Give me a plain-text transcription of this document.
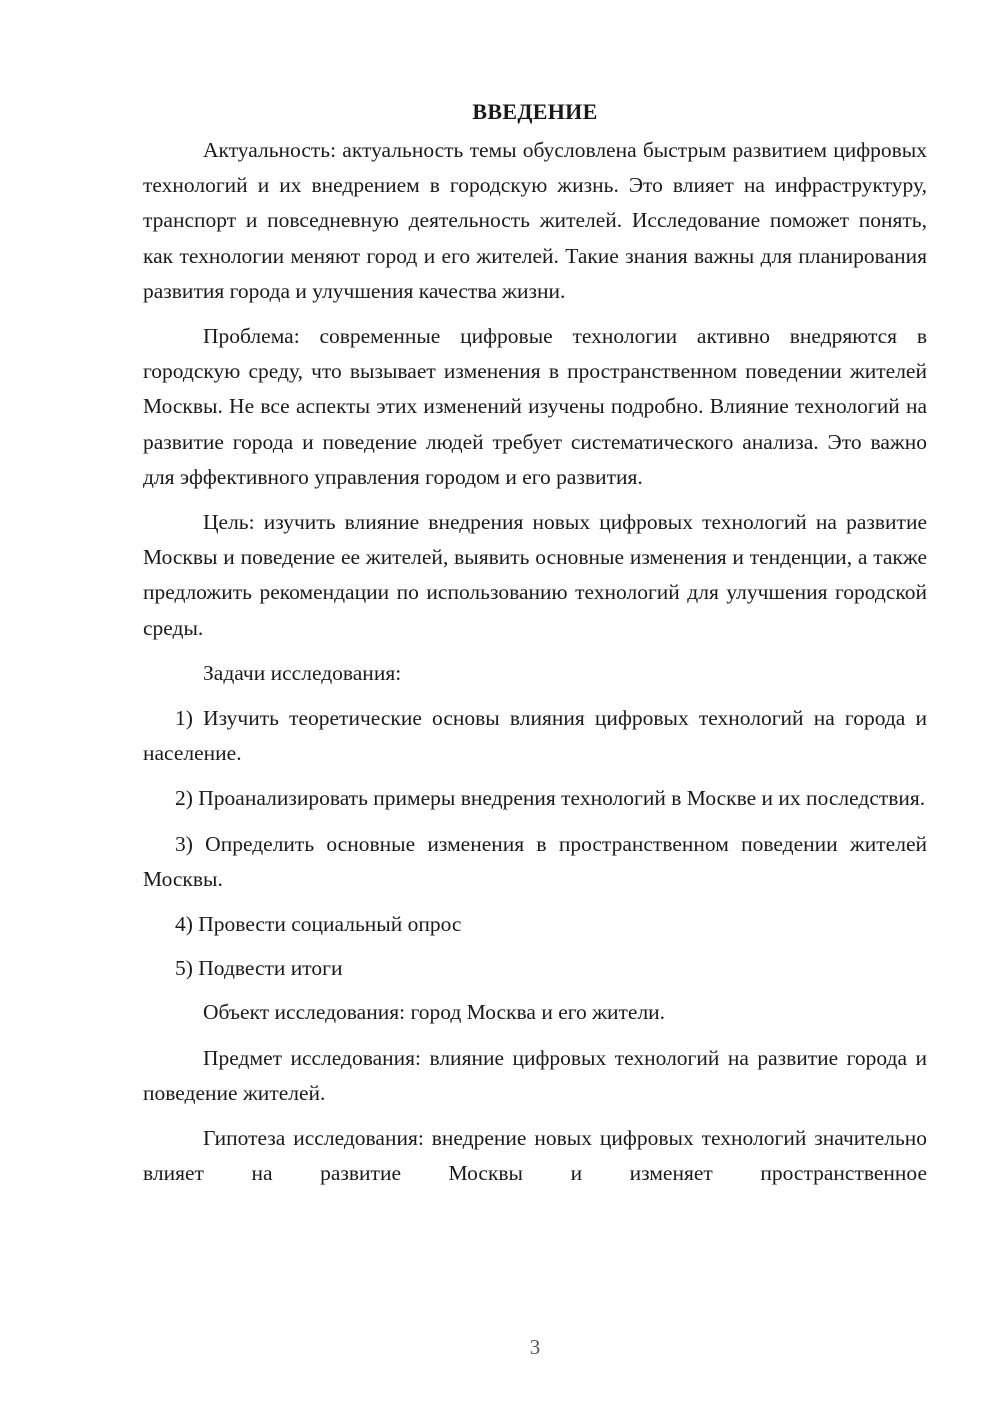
ВВЕДЕНИЕ

Актуальность: актуальность темы обусловлена быстрым развитием цифровых технологий и их внедрением в городскую жизнь. Это влияет на инфраструктуру, транспорт и повседневную деятельность жителей. Исследование поможет понять, как технологии меняют город и его жителей. Такие знания важны для планирования развития города и улучшения качества жизни.

Проблема: современные цифровые технологии активно внедряются в городскую среду, что вызывает изменения в пространственном поведении жителей Москвы. Не все аспекты этих изменений изучены подробно. Влияние технологий на развитие города и поведение людей требует систематического анализа. Это важно для эффективного управления городом и его развития.

Цель: изучить влияние внедрения новых цифровых технологий на развитие Москвы и поведение ее жителей, выявить основные изменения и тенденции, а также предложить рекомендации по использованию технологий для улучшения городской среды.

Задачи исследования:

1) Изучить теоретические основы влияния цифровых технологий на города и население.

2) Проанализировать примеры внедрения технологий в Москве и их последствия.

3) Определить основные изменения в пространственном поведении жителей Москвы.

4) Провести социальный опрос

5) Подвести итоги

Объект исследования: город Москва и его жители.

Предмет исследования: влияние цифровых технологий на развитие города и поведение жителей.

Гипотеза исследования: внедрение новых цифровых технологий значительно влияет на развитие Москвы и изменяет пространственное

3
